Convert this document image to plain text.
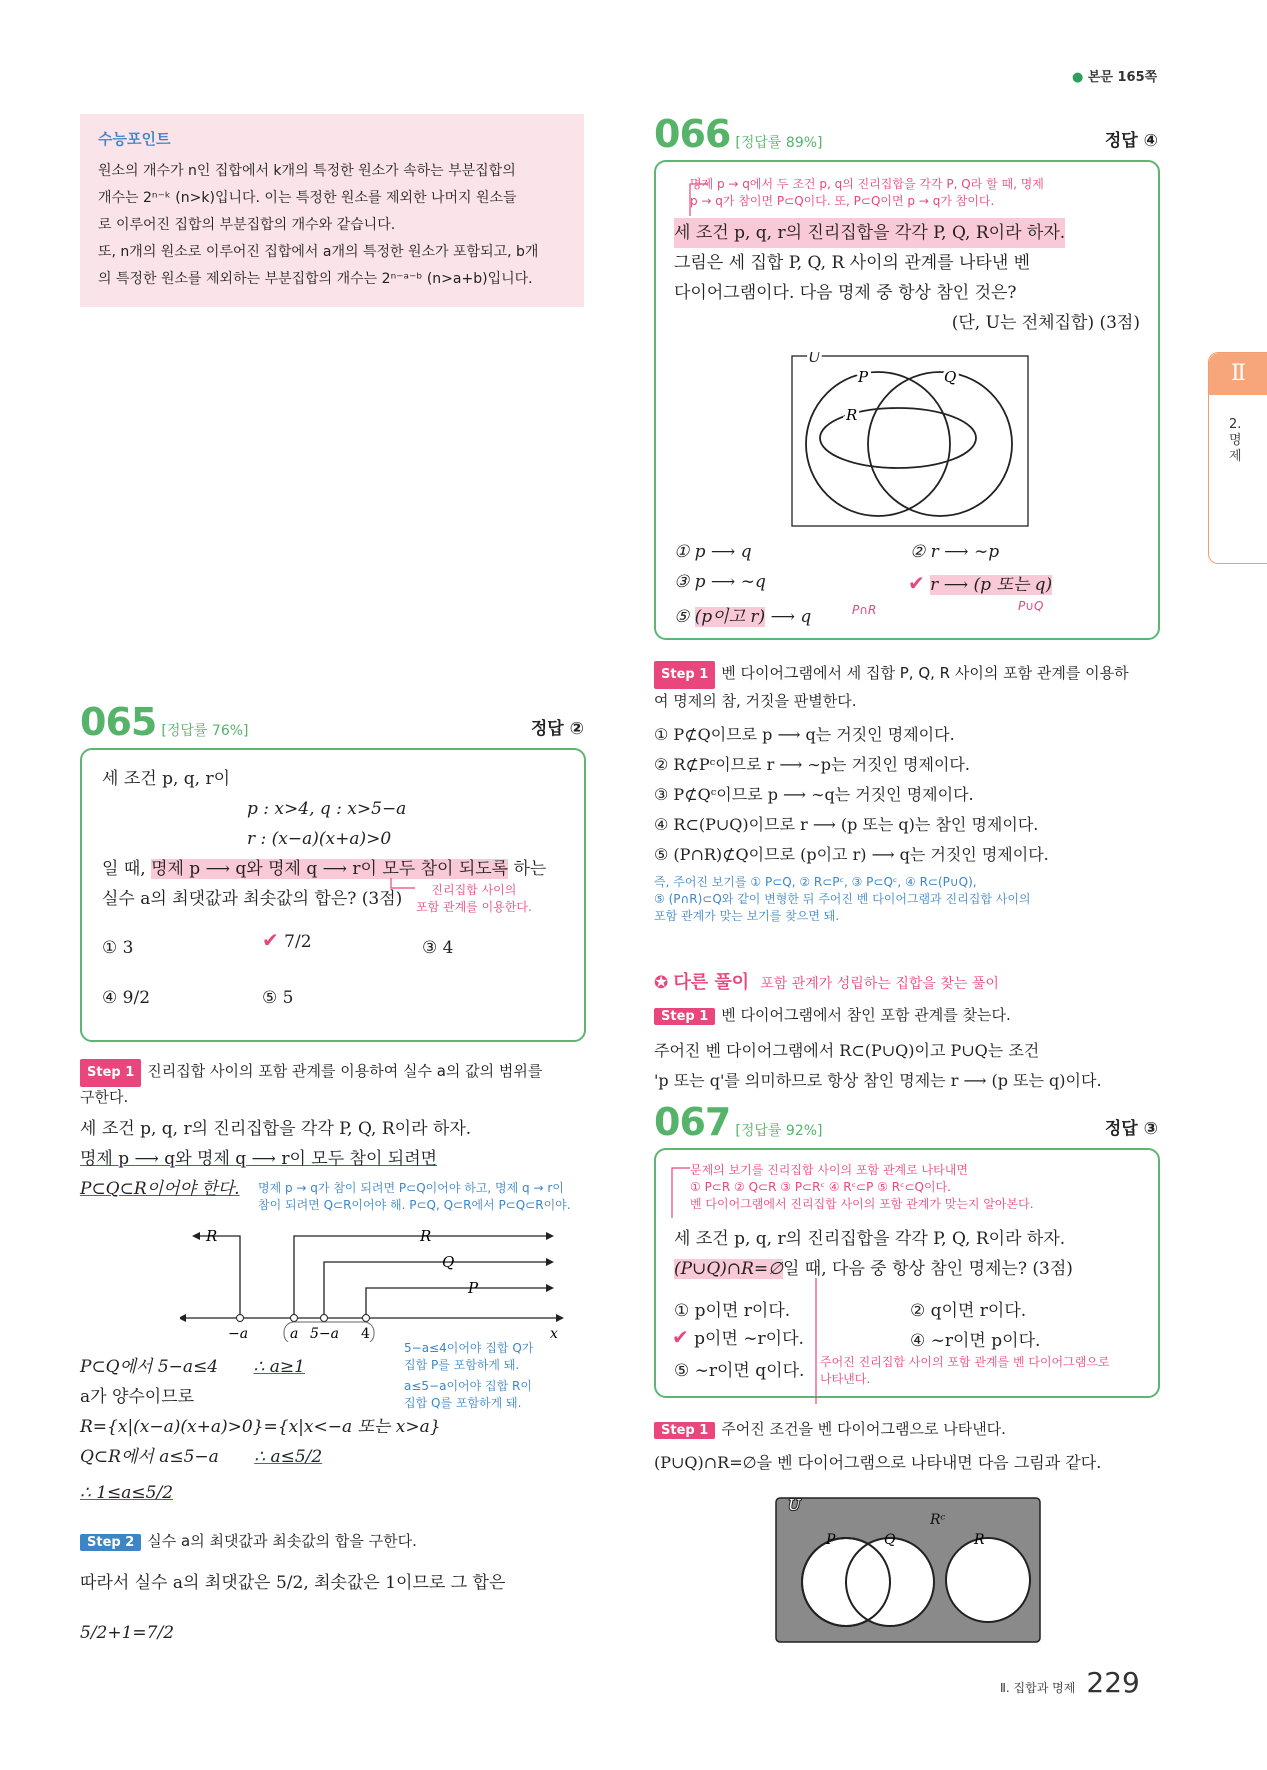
● 본문 165쪽
Ⅱ
2. 명제
수능포인트
원소의 개수가 n인 집합에서 k개의 특정한 원소가 속하는 부분집합의
개수는 2ⁿ⁻ᵏ (n>k)입니다. 이는 특정한 원소를 제외한 나머지 원소들
로 이루어진 집합의 부분집합의 개수와 같습니다.
또, n개의 원소로 이루어진 집합에서 a개의 특정한 원소가 포함되고, b개
의 특정한 원소를 제외하는 부분집합의 개수는 2ⁿ⁻ᵃ⁻ᵇ (n>a+b)입니다.
065 [정답률 76%]	정답 ②
세 조건 p, q, r이
p : x>4, q : x>5−a
r : (x−a)(x+a)>0
일 때, 명제 p ⟶ q와 명제 q ⟶ r이 모두 참이 되도록 하는
실수 a의 최댓값과 최솟값의 합은? (3점)	진리집합 사이의
포함 관계를 이용한다.
① 3	✔ 7/2	③ 4
④ 9/2	⑤ 5
Step 1 진리집합 사이의 포함 관계를 이용하여 실수 a의 값의 범위를
구한다.
세 조건 p, q, r의 진리집합을 각각 P, Q, R이라 하자.
명제 p ⟶ q와 명제 q ⟶ r이 모두 참이 되려면
P⊂Q⊂R이어야 한다. 명제 p → q가 참이 되려면 P⊂Q이어야 하고, 명제 q → r이
참이 되려면 Q⊂R이어야 해. P⊂Q, Q⊂R에서 P⊂Q⊂R이야.
R	R
Q
P
−a	a 5−a 4	x
P⊂Q에서 5−a≤4 ∴ a≥1
5−a≤4이어야 집합 Q가
집합 P를 포함하게 돼.
a가 양수이므로
a≤5−a이어야 집합 R이
집합 Q를 포함하게 돼.
R={x|(x−a)(x+a)>0}={x|x<−a 또는 x>a}
Q⊂R에서 a≤5−a ∴ a≤5/2
∴ 1≤a≤5/2
Step 2 실수 a의 최댓값과 최솟값의 합을 구한다.
따라서 실수 a의 최댓값은 5/2, 최솟값은 1이므로 그 합은
5/2+1=7/2
066 [정답률 89%]	정답 ④
명제 p → q에서 두 조건 p, q의 진리집합을 각각 P, Q라 할 때, 명제
p → q가 참이면 P⊂Q이다. 또, P⊂Q이면 p → q가 참이다.
세 조건 p, q, r의 진리집합을 각각 P, Q, R이라 하자.
그림은 세 집합 P, Q, R 사이의 관계를 나타낸 벤
다이어그램이다. 다음 명제 중 항상 참인 것은?
(단, U는 전체집합) (3점)
U
P	Q
R
① p ⟶ q	② r ⟶ ∼p
③ p ⟶ ∼q	✔ r ⟶ (p 또는 q)
P∪Q
⑤ (p이고 r) ⟶ q	P∩R
Step 1 벤 다이어그램에서 세 집합 P, Q, R 사이의 포함 관계를 이용하
여 명제의 참, 거짓을 판별한다.
① P⊄Q이므로 p ⟶ q는 거짓인 명제이다.
② R⊄Pᶜ이므로 r ⟶ ∼p는 거짓인 명제이다.
③ P⊄Qᶜ이므로 p ⟶ ∼q는 거짓인 명제이다.
④ R⊂(P∪Q)이므로 r ⟶ (p 또는 q)는 참인 명제이다.
⑤ (P∩R)⊄Q이므로 (p이고 r) ⟶ q는 거짓인 명제이다.
즉, 주어진 보기를 ① P⊂Q, ② R⊂Pᶜ, ③ P⊂Qᶜ, ④ R⊂(P∪Q),
⑤ (P∩R)⊂Q와 같이 변형한 뒤 주어진 벤 다이어그램과 진리집합 사이의
포함 관계가 맞는 보기를 찾으면 돼.
✪ 다른 풀이 포함 관계가 성립하는 집합을 찾는 풀이
Step 1 벤 다이어그램에서 참인 포함 관계를 찾는다.
주어진 벤 다이어그램에서 R⊂(P∪Q)이고 P∪Q는 조건
'p 또는 q'를 의미하므로 항상 참인 명제는 r ⟶ (p 또는 q)이다.
067 [정답률 92%]	정답 ③
문제의 보기를 진리집합 사이의 포함 관계로 나타내면
① P⊂R ② Q⊂R ③ P⊂Rᶜ ④ Rᶜ⊂P ⑤ Rᶜ⊂Q이다.
벤 다이어그램에서 진리집합 사이의 포함 관계가 맞는지 알아본다.
세 조건 p, q, r의 진리집합을 각각 P, Q, R이라 하자.
(P∪Q)∩R=∅일 때, 다음 중 항상 참인 명제는? (3점)
① p이면 r이다.	② q이면 r이다.
✔ p이면 ∼r이다.	④ ∼r이면 p이다.
⑤ ∼r이면 q이다. 주어진 진리집합 사이의 포함 관계를 벤 다이어그램으로
나타낸다.
Step 1 주어진 조건을 벤 다이어그램으로 나타낸다.
(P∪Q)∩R=∅을 벤 다이어그램으로 나타내면 다음 그림과 같다.
U
Rᶜ
P	Q	R
Ⅱ. 집합과 명제 229
